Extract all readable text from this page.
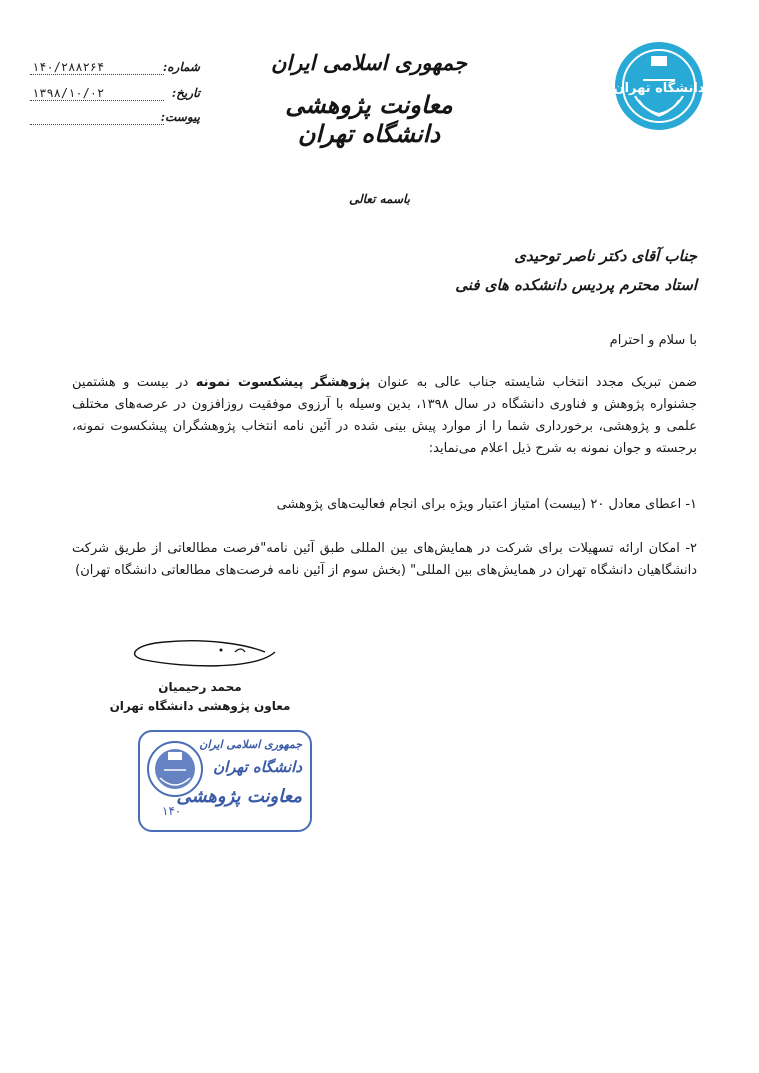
دانشگاه تهران
جمهوری اسلامی ایران
معاونت پژوهشی دانشگاه تهران
شماره:
۱۴۰/۲۸۸۲۶۴
تاریخ:
۱۳۹۸/۱۰/۰۲
پیوست:
باسمه تعالی
جناب آقای دکتر ناصر توحیدی
استاد محترم پردیس دانشکده های فنی
با سلام و احترام

ضمن تبریک مجدد انتخاب شایسته جناب عالی به عنوان پژوهشگر پیشکسوت نمونه در بیست و هشتمین جشنواره پژوهش و فناوری دانشگاه در سال ۱۳۹۸، بدین وسیله با آرزوی موفقیت روزافزون در عرصه‌های مختلف علمی و پژوهشی، برخورداری شما را از موارد پیش بینی شده در آئین نامه انتخاب پژوهشگران پیشکسوت نمونه، برجسته و جوان نمونه به شرح ذیل اعلام می‌نماید:

۱- اعطای معادل ۲۰ (بیست) امتیاز اعتبار ویژه برای انجام فعالیت‌های پژوهشی
۲- امکان ارائه تسهیلات برای شرکت در همایش‌های بین المللی طبق آئین نامه"فرصت مطالعاتی از طریق شرکت دانشگاهیان دانشگاه تهران در همایش‌های بین المللی" (بخش سوم از آئین نامه فرصت‌های مطالعاتی دانشگاه تهران)
محمد رحیمیان
معاون پژوهشی دانشگاه تهران
جمهوری اسلامی ایران
دانشگاه تهران
معاونت پژوهشی
۱۴۰
